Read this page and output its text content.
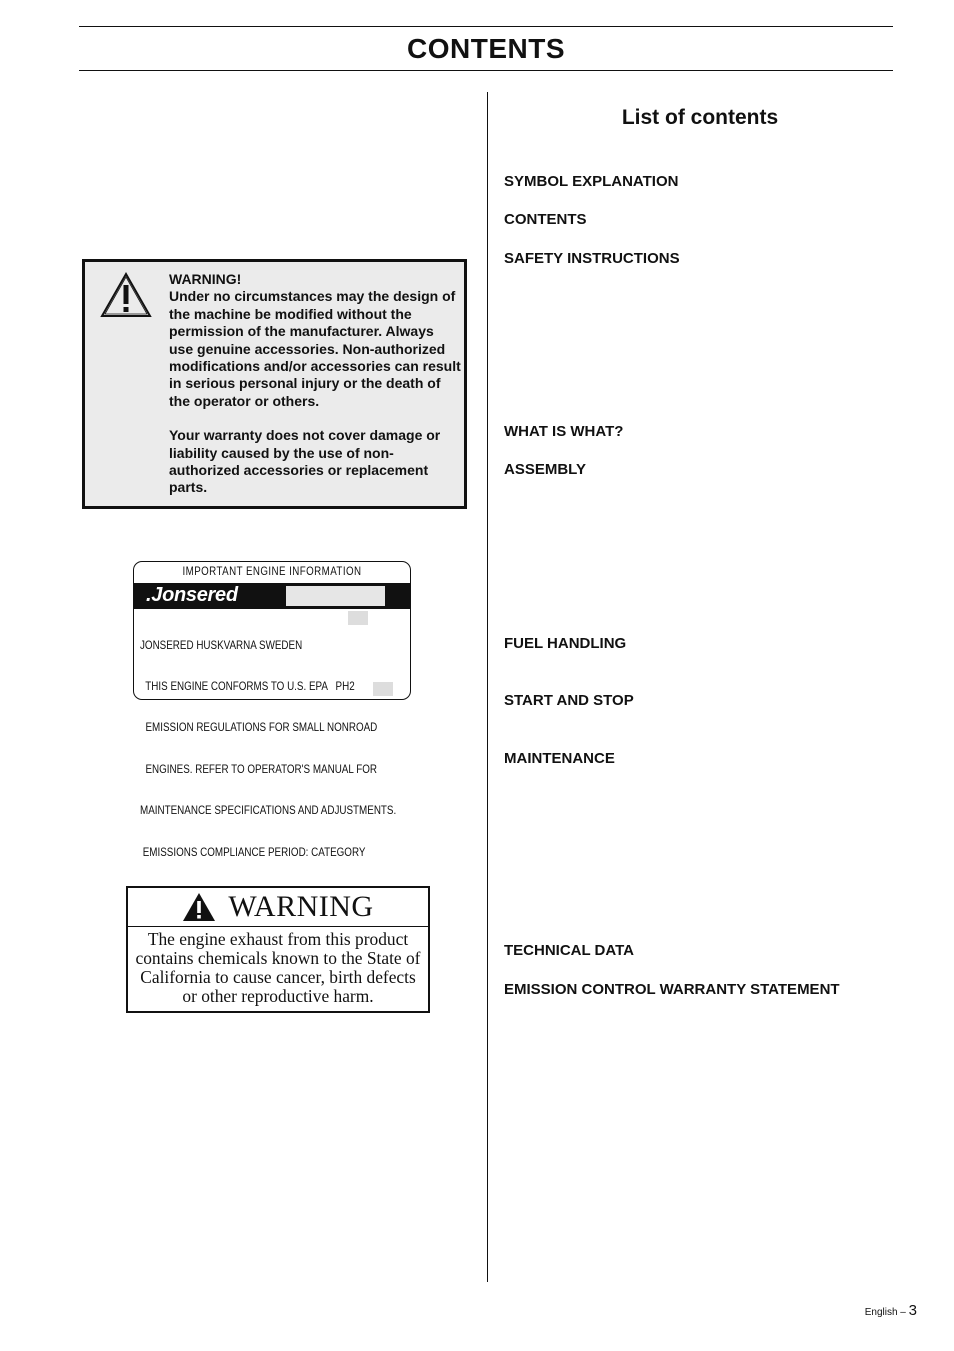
CONTENTS
WARNING!

Under no circumstances may the design of the machine be modified without the permission of the manufacturer. Always use genuine accessories. Non-authorized modifications and/or accessories can result in serious personal injury or the death of the operator or others.

Your warranty does not cover damage or liability caused by the use of non-authorized accessories or replacement parts.

IMPORTANT ENGINE INFORMATION
.Jonsered

JONSERED HUSKVARNA SWEDEN

THIS ENGINE CONFORMS TO U.S. EPA   PH2

EMISSION REGULATIONS FOR SMALL NONROAD

ENGINES. REFER TO OPERATOR'S MANUAL FOR

MAINTENANCE SPECIFICATIONS AND ADJUSTMENTS.

EMISSIONS COMPLIANCE PERIOD: CATEGORY

WARNING
The engine exhaust from this product contains chemicals known to the State of California to cause cancer, birth defects or other reproductive harm.
List of contents
SYMBOL EXPLANATION
CONTENTS
SAFETY INSTRUCTIONS
WHAT IS WHAT?
ASSEMBLY
FUEL HANDLING
START AND STOP
MAINTENANCE
TECHNICAL DATA
EMISSION CONTROL WARRANTY STATEMENT
English – 3
